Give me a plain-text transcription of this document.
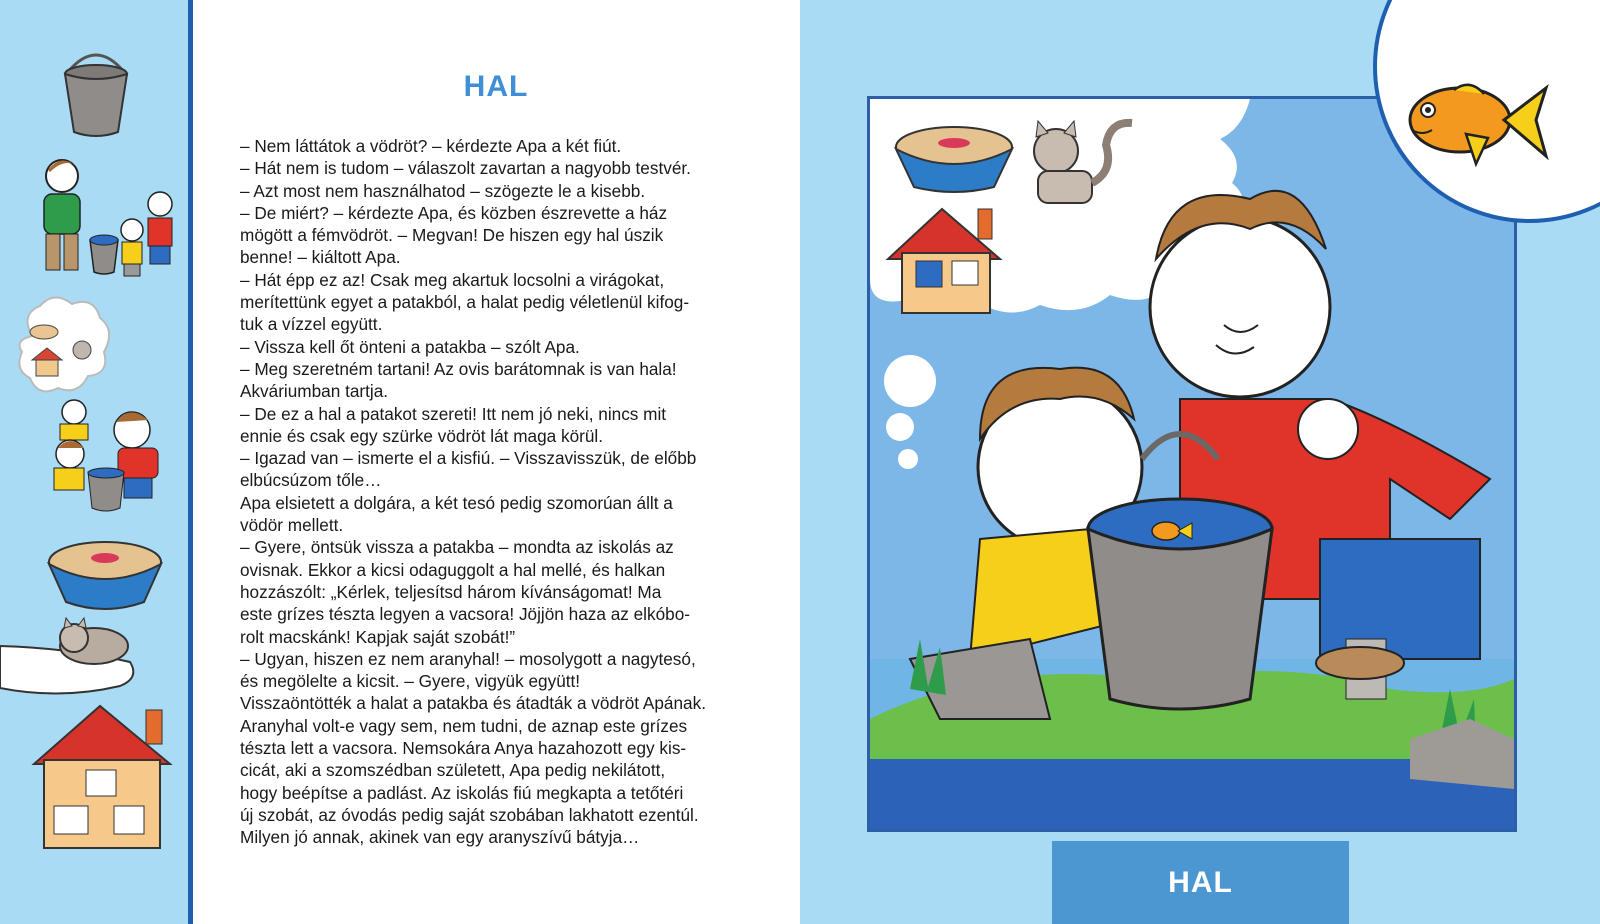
HAL
– Nem láttátok a vödröt? – kérdezte Apa a két fiút.
– Hát nem is tudom – válaszolt zavartan a nagyobb testvér.
– Azt most nem használhatod – szögezte le a kisebb.
– De miért? – kérdezte Apa, és közben észrevette a ház
mögött a fémvödröt. – Megvan! De hiszen egy hal úszik
benne! – kiáltott Apa.
– Hát épp ez az! Csak meg akartuk locsolni a virágokat,
merítettünk egyet a patakból, a halat pedig véletlenül kifog-
tuk a vízzel együtt.
– Vissza kell őt önteni a patakba – szólt Apa.
– Meg szeretném tartani! Az ovis barátomnak is van hala!
Akváriumban tartja.
– De ez a hal a patakot szereti! Itt nem jó neki, nincs mit
ennie és csak egy szürke vödröt lát maga körül.
– Igazad van – ismerte el a kisfiú. – Visszavisszük, de előbb
elbúcsúzom tőle…
Apa elsietett a dolgára, a két tesó pedig szomorúan állt a
vödör mellett.
– Gyere, öntsük vissza a patakba – mondta az iskolás az
ovisnak. Ekkor a kicsi odaguggolt a hal mellé, és halkan
hozzászólt: „Kérlek, teljesítsd három kívánságomat! Ma
este grízes tészta legyen a vacsora! Jöjjön haza az elkóbo-
rolt macskánk! Kapjak saját szobát!”
– Ugyan, hiszen ez nem aranyhal! – mosolygott a nagytesó,
és megölelte a kicsit. – Gyere, vigyük együtt!
Visszaöntötték a halat a patakba és átadták a vödröt Apának.
Aranyhal volt-e vagy sem, nem tudni, de aznap este grízes
tészta lett a vacsora. Nemsokára Anya hazahozott egy kis-
cicát, aki a szomszédban született, Apa pedig nekilátott,
hogy beépítse a padlást. Az iskolás fiú megkapta a tetőtéri
új szobát, az óvodás pedig saját szobában lakhatott ezentúl.
Milyen jó annak, akinek van egy aranyszívű bátyja…
HAL
